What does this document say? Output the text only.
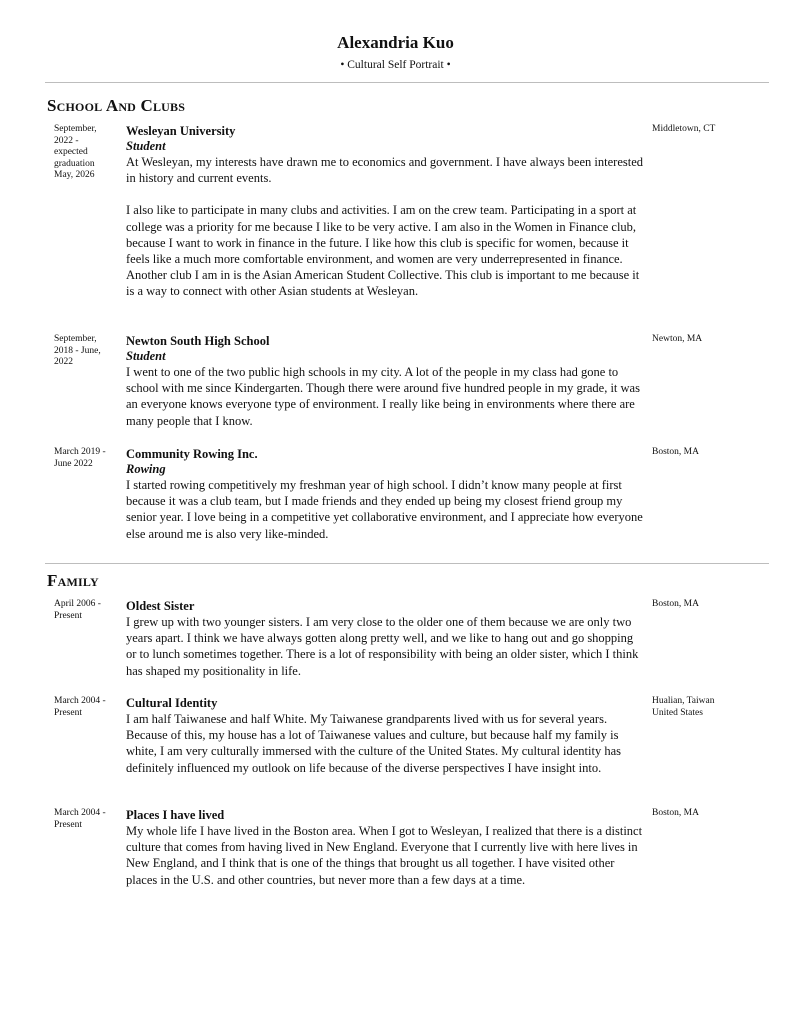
Alexandria Kuo
• Cultural Self Portrait •
School And Clubs
September, 2022 - expected graduation May, 2026
Wesleyan University
Student

At Wesleyan, my interests have drawn me to economics and government. I have always been interested in history and current events.

I also like to participate in many clubs and activities. I am on the crew team. Participating in a sport at college was a priority for me because I like to be very active. I am also in the Women in Finance club, because I want to work in finance in the future. I like how this club is specific for women, because it feels like a much more comfortable environment, and women are very underrepresented in finance. Another club I am in is the Asian American Student Collective. This club is important to me because it is a way to connect with other Asian students at Wesleyan.

Middletown, CT
September, 2018 - June, 2022
Newton South High School
Student

I went to one of the two public high schools in my city. A lot of the people in my class had gone to school with me since Kindergarten. Though there were around five hundred people in my grade, it was an everyone knows everyone type of environment. I really like being in environments where there are many people that I know.

Newton, MA
March 2019 - June 2022
Community Rowing Inc.
Rowing

I started rowing competitively my freshman year of high school. I didn’t know many people at first because it was a club team, but I made friends and they ended up being my closest friend group my senior year. I love being in a competitive yet collaborative environment, and I appreciate how everyone else around me is also very like-minded.

Boston, MA
Family
April 2006 - Present
Oldest Sister

I grew up with two younger sisters. I am very close to the older one of them because we are only two years apart. I think we have always gotten along pretty well, and we like to hang out and go shopping or to lunch sometimes together. There is a lot of responsibility with being an older sister, which I think has shaped my positionality in life.

Boston, MA
March 2004 - Present
Cultural Identity

I am half Taiwanese and half White. My Taiwanese grandparents lived with us for several years. Because of this, my house has a lot of Taiwanese values and culture, but because half my family is white, I am very culturally immersed with the culture of the United States. My cultural identity has definitely influenced my outlook on life because of the diverse perspectives I have insight into.

Hualian, Taiwan United States
March 2004 - Present
Places I have lived

My whole life I have lived in the Boston area. When I got to Wesleyan, I realized that there is a distinct culture that comes from having lived in New England. Everyone that I currently live with here lives in New England, and I think that is one of the things that brought us all together. I have visited other places in the U.S. and other countries, but never more than a few days at a time.

Boston, MA
